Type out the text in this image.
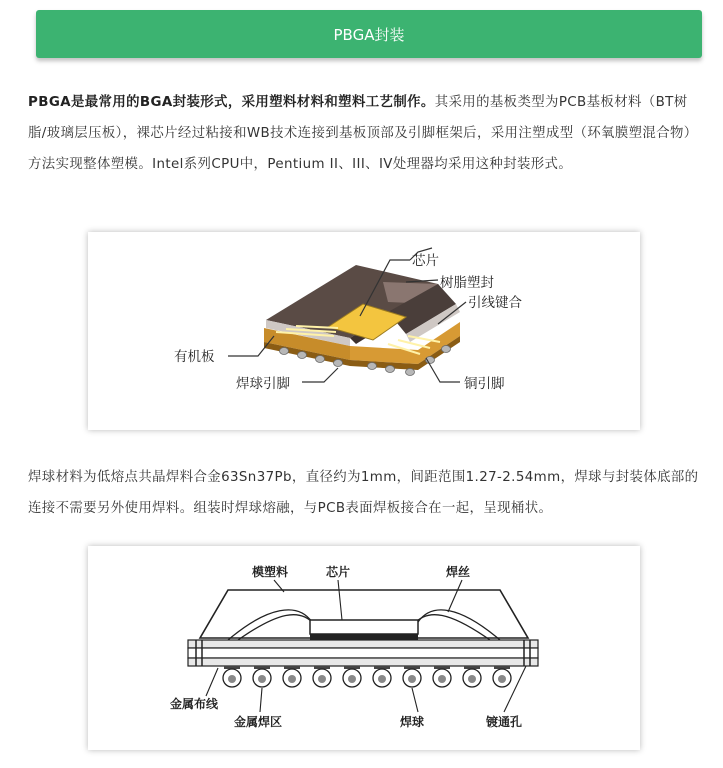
PBGA封装

PBGA是最常用的BGA封装形式，采用塑料材料和塑料工艺制作。其采用的基板类型为PCB基板材料（BT树脂/玻璃层压板），裸芯片经过粘接和WB技术连接到基板顶部及引脚框架后，采用注塑成型（环氧膜塑混合物）方法实现整体塑模。Intel系列CPU中，Pentium II、III、IV处理器均采用这种封装形式。

芯片
树脂塑封
引线键合
有机板
焊球引脚	铜引脚

焊球材料为低熔点共晶焊料合金63Sn37Pb，直径约为1mm，间距范围1.27-2.54mm，焊球与封装体底部的连接不需要另外使用焊料。组装时焊球熔融，与PCB表面焊板接合在一起，呈现桶状。

模塑料	芯片	焊丝
金属布线
金属焊区	焊球	镀通孔
